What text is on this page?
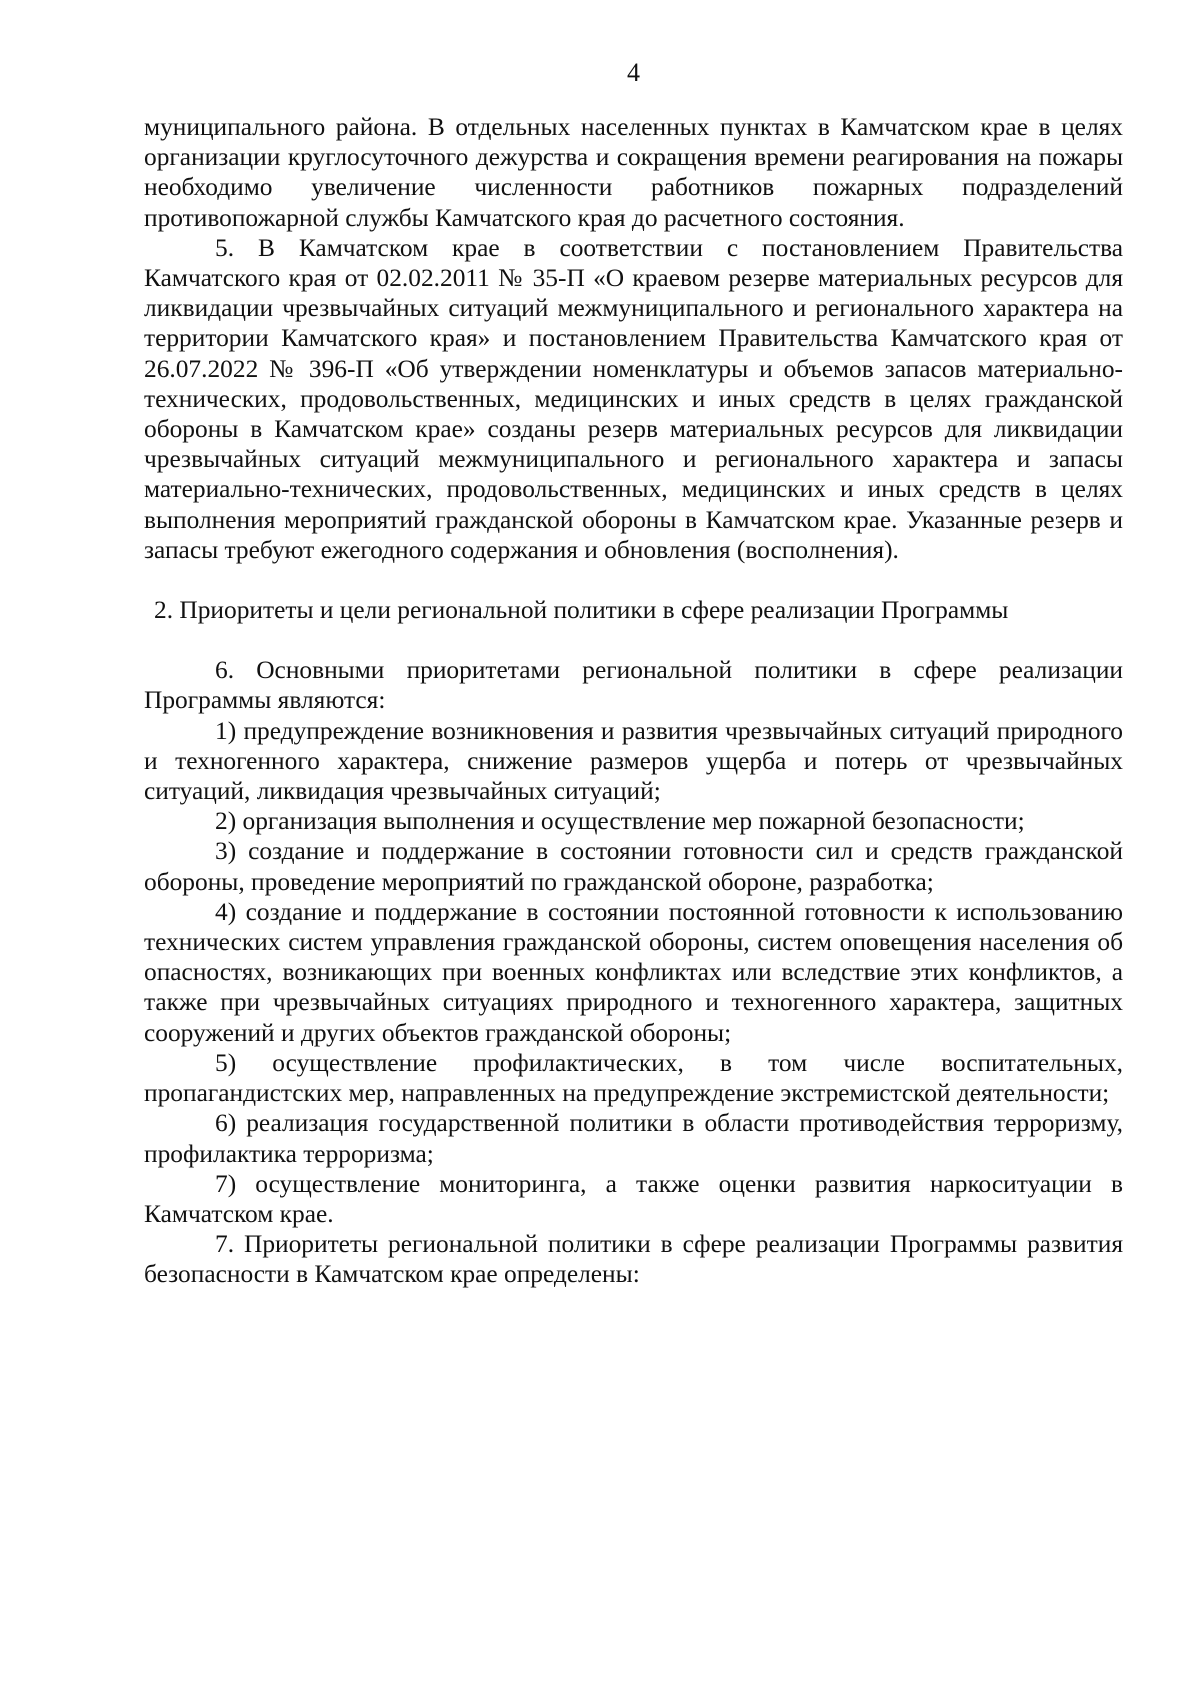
4

муниципального района. В отдельных населенных пунктах в Камчатском крае в целях организации круглосуточного дежурства и сокращения времени реагирования на пожары необходимо увеличение численности работников пожарных подразделений противопожарной службы Камчатского края до расчетного состояния.

5. В Камчатском крае в соответствии с постановлением Правительства Камчатского края от 02.02.2011 № 35-П «О краевом резерве материальных ресурсов для ликвидации чрезвычайных ситуаций межмуниципального и регионального характера на территории Камчатского края» и постановлением Правительства Камчатского края от 26.07.2022 № 396-П «Об утверждении номенклатуры и объемов запасов материально-технических, продовольственных, медицинских и иных средств в целях гражданской обороны в Камчатском крае» созданы резерв материальных ресурсов для ликвидации чрезвычайных ситуаций межмуниципального и регионального характера и запасы материально-технических, продовольственных, медицинских и иных средств в целях выполнения мероприятий гражданской обороны в Камчатском крае. Указанные резерв и запасы требуют ежегодного содержания и обновления (восполнения).

2. Приоритеты и цели региональной политики в сфере реализации Программы

6. Основными приоритетами региональной политики в сфере реализации Программы являются:

1) предупреждение возникновения и развития чрезвычайных ситуаций природного и техногенного характера, снижение размеров ущерба и потерь от чрезвычайных ситуаций, ликвидация чрезвычайных ситуаций;

2) организация выполнения и осуществление мер пожарной безопасности;

3) создание и поддержание в состоянии готовности сил и средств гражданской обороны, проведение мероприятий по гражданской обороне, разработка;

4) создание и поддержание в состоянии постоянной готовности к использованию технических систем управления гражданской обороны, систем оповещения населения об опасностях, возникающих при военных конфликтах или вследствие этих конфликтов, а также при чрезвычайных ситуациях природного и техногенного характера, защитных сооружений и других объектов гражданской обороны;

5) осуществление профилактических, в том числе воспитательных, пропагандистских мер, направленных на предупреждение экстремистской деятельности;

6) реализация государственной политики в области противодействия терроризму, профилактика терроризма;

7) осуществление мониторинга, а также оценки развития наркоситуации в Камчатском крае.

7. Приоритеты региональной политики в сфере реализации Программы развития безопасности в Камчатском крае определены:
